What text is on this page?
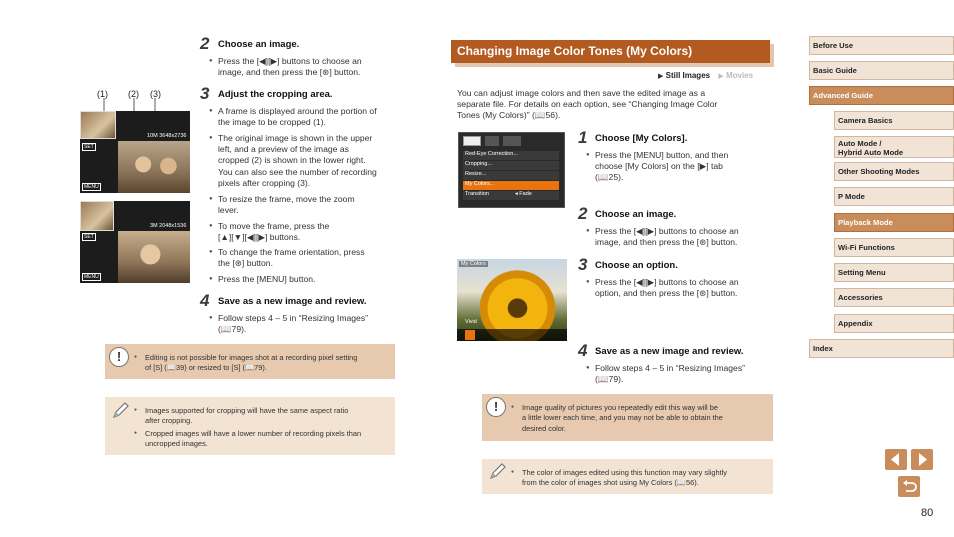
(1) (2) (3)
10M 3648x2736
SET
MENU
3M 2048x1536
SET
MENU
2 Choose an image.
● Press the [◀][▶] buttons to choose an
image, and then press the [⊛] button.
3 Adjust the cropping area.
● A frame is displayed around the portion of
the image to be cropped (1).
● The original image is shown in the upper
left, and a preview of the image as
cropped (2) is shown in the lower right.
You can also see the number of recording
pixels after cropping (3).
● To resize the frame, move the zoom
lever.
● To move the frame, press the
[▲][▼][◀][▶] buttons.
● To change the frame orientation, press
the [⊛] button.
● Press the [MENU] button.
4 Save as a new image and review.
● Follow steps 4 – 5 in “Resizing Images”
(📖79).
!	● Editing is not possible for images shot at a recording pixel setting
of [S] (📖39) or resized to [S] (📖79).
● Images supported for cropping will have the same aspect ratio
after cropping.
● Cropped images will have a lower number of recording pixels than
uncropped images.
Changing Image Color Tones (My Colors)
▶ Still Images ▶ Movies
You can adjust image colors and then save the edited image as a
separate file. For details on each option, see “Changing Image Color
Tones (My Colors)” (📖56).
Red-Eye Correction...
Cropping...
Resize...
My Colors...
Transition	◂ Fade
My Colors
Vivid
1 Choose [My Colors].
● Press the [MENU] button, and then
choose [My Colors] on the [▶] tab
(📖25).
2 Choose an image.
● Press the [◀][▶] buttons to choose an
image, and then press the [⊛] button.
3 Choose an option.
● Press the [◀][▶] buttons to choose an
option, and then press the [⊛] button.
4 Save as a new image and review.
● Follow steps 4 – 5 in “Resizing Images”
(📖79).
!	● Image quality of pictures you repeatedly edit this way will be
a little lower each time, and you may not be able to obtain the
desired color.
● The color of images edited using this function may vary slightly
from the color of images shot using My Colors (📖56).
Before Use
Basic Guide
Advanced Guide
Camera Basics
Auto Mode /
Hybrid Auto Mode
Other Shooting Modes
P Mode
Playback Mode
Wi-Fi Functions
Setting Menu
Accessories
Appendix
Index
80
